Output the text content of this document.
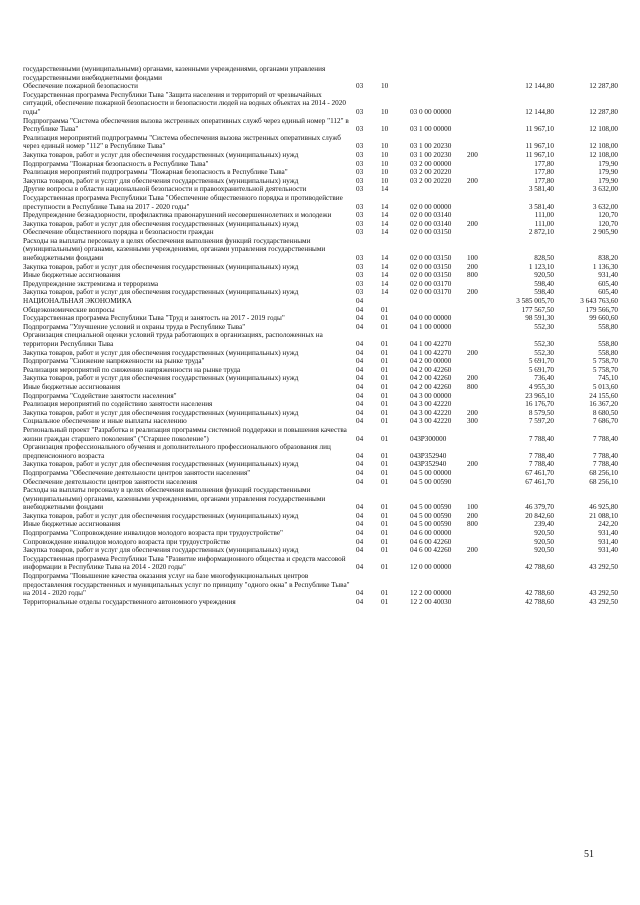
государственными (муниципальными) органами, казенными учреждениями, органами управления государственными внебюджетными фондами
Обеспечение пожарной безопасности	03 10	12 144,80	12 287,80
Государственная программа Республики Тыва "Защита населения и территорий от чрезвычайных ситуаций, обеспечение пожарной безопасности и безопасности людей на водных объектах на 2014 - 2020 годы"	03 10	03 0 00 00000	12 144,80	12 287,80
Подпрограмма "Система обеспечения вызова экстренных оперативных служб через единый номер "112" в Республике Тыва"	03 10	03 1 00 00000	11 967,10	12 108,00
Реализация мероприятий подпрограммы "Система обеспечения вызова экстренных оперативных служб через единый номер "112" в Республике Тыва"	03 10	03 1 00 20230	11 967,10	12 108,00
Закупка товаров, работ и услуг для обеспечения государственных (муниципальных) нужд	03 10	03 1 00 20230 200	11 967,10	12 108,00
Подпрограмма "Пожарная безопасность в Республике Тыва"	03 10	03 2 00 00000	177,80	179,90
Реализация мероприятий подпрограммы "Пожарная безопасность в Республике Тыва"	03 10	03 2 00 20220	177,80	179,90
Закупка товаров, работ и услуг для обеспечения государственных (муниципальных) нужд	03 10	03 2 00 20220 200	177,80	179,90
Другие вопросы в области национальной безопасности и правоохранительной деятельности	03 14	3 581,40	3 632,00
Государственная программа Республики Тыва "Обеспечение общественного порядка и противодействие преступности в Республике Тыва на 2017 - 2020 годы"	03 14	02 0 00 00000	3 581,40	3 632,00
Предупреждение безнадзорности, профилактика правонарушений несовершеннолетних и молодежи	03 14	02 0 00 03140	111,00	120,70
Закупка товаров, работ и услуг для обеспечения государственных (муниципальных) нужд	03 14	02 0 00 03140 200	111,00	120,70
Обеспечение общественного порядка и безопасности граждан	03 14	02 0 00 03150	2 872,10	2 905,90
Расходы на выплаты персоналу в целях обеспечения выполнения функций государственными (муниципальными) органами, казенными учреждениями, органами управления государственными внебюджетными фондами	03 14	02 0 00 03150 100	828,50	838,20
Закупка товаров, работ и услуг для обеспечения государственных (муниципальных) нужд	03 14	02 0 00 03150 200	1 123,10	1 136,30
Иные бюджетные ассигнования	03 14	02 0 00 03150 800	920,50	931,40
Предупреждение экстремизма и терроризма	03 14	02 0 00 03170	598,40	605,40
Закупка товаров, работ и услуг для обеспечения государственных (муниципальных) нужд	03 14	02 0 00 03170 200	598,40	605,40
НАЦИОНАЛЬНАЯ ЭКОНОМИКА	04	3 585 005,70	3 643 763,60
Общеэкономические вопросы	04 01	177 567,50	179 566,70
Государственная программа Республики Тыва "Труд и занятость на 2017 - 2019 годы"	04 01	04 0 00 00000	98 591,30	99 660,60
Подпрограмма "Улучшение условий и охраны труда в Республике Тыва"	04 01	04 1 00 00000	552,30	558,80
Организация специальной оценки условий труда работающих в организациях, расположенных на территории Республики Тыва	04 01	04 1 00 42270	552,30	558,80
Закупка товаров, работ и услуг для обеспечения государственных (муниципальных) нужд	04 01	04 1 00 42270 200	552,30	558,80
Подпрограмма "Снижение напряженности на рынке труда"	04 01	04 2 00 00000	5 691,70	5 758,70
Реализация мероприятий по снижению напряженности на рынке труда	04 01	04 2 00 42260	5 691,70	5 758,70
Закупка товаров, работ и услуг для обеспечения государственных (муниципальных) нужд	04 01	04 2 00 42260 200	736,40	745,10
Иные бюджетные ассигнования	04 01	04 2 00 42260 800	4 955,30	5 013,60
Подпрограмма "Содействие занятости населения"	04 01	04 3 00 00000	23 965,10	24 155,60
Реализация мероприятий по содействию занятости населения	04 01	04 3 00 42220	16 176,70	16 367,20
Закупка товаров, работ и услуг для обеспечения государственных (муниципальных) нужд	04 01	04 3 00 42220 200	8 579,50	8 680,50
Социальное обеспечение и иные выплаты населению	04 01	04 3 00 42220 300	7 597,20	7 686,70
Региональный проект "Разработка и реализация программы системной поддержки и повышения качества жизни граждан старшего поколения" ("Старшее поколение")	04 01	043P300000	7 788,40	7 788,40
Организация профессионального обучения и дополнительного профессионального образования лиц предпенсионного возраста	04 01	043P352940	7 788,40	7 788,40
Закупка товаров, работ и услуг для обеспечения государственных (муниципальных) нужд	04 01	043P352940	200	7 788,40	7 788,40
Подпрограмма "Обеспечение деятельности центров занятости населения"	04 01	04 5 00 00000	67 461,70	68 256,10
Обеспечение деятельности центров занятости населения	04 01	04 5 00 00590	67 461,70	68 256,10
Расходы на выплаты персоналу в целях обеспечения выполнения функций государственными (муниципальными) органами, казенными учреждениями, органами управления государственными внебюджетными фондами	04 01	04 5 00 00590 100	46 379,70	46 925,80
Закупка товаров, работ и услуг для обеспечения государственных (муниципальных) нужд	04 01	04 5 00 00590 200	20 842,60	21 088,10
Иные бюджетные ассигнования	04 01	04 5 00 00590 800	239,40	242,20
Подпрограмма "Сопровождение инвалидов молодого возраста при трудоустройстве"	04 01	04 6 00 00000	920,50	931,40
Сопровождение инвалидов молодого возраста при трудоустройстве	04 01	04 6 00 42260	920,50	931,40
Закупка товаров, работ и услуг для обеспечения государственных (муниципальных) нужд	04 01	04 6 00 42260 200	920,50	931,40
Государственная программа Республики Тыва "Развитие информационного общества и средств массовой информации в Республике Тыва на 2014 - 2020 годы"	04 01	12 0 00 00000	42 788,60	43 292,50
Подпрограмма "Повышение качества оказания услуг на базе многофункциональных центров предоставления государственных и муниципальных услуг по принципу "одного окна" в Республике Тыва" на 2014 - 2020 годы"	04 01	12 2 00 00000	42 788,60	43 292,50
Территориальные отделы государственного автономного учреждения	04 01	12 2 00 40030	42 788,60	43 292,50
51
